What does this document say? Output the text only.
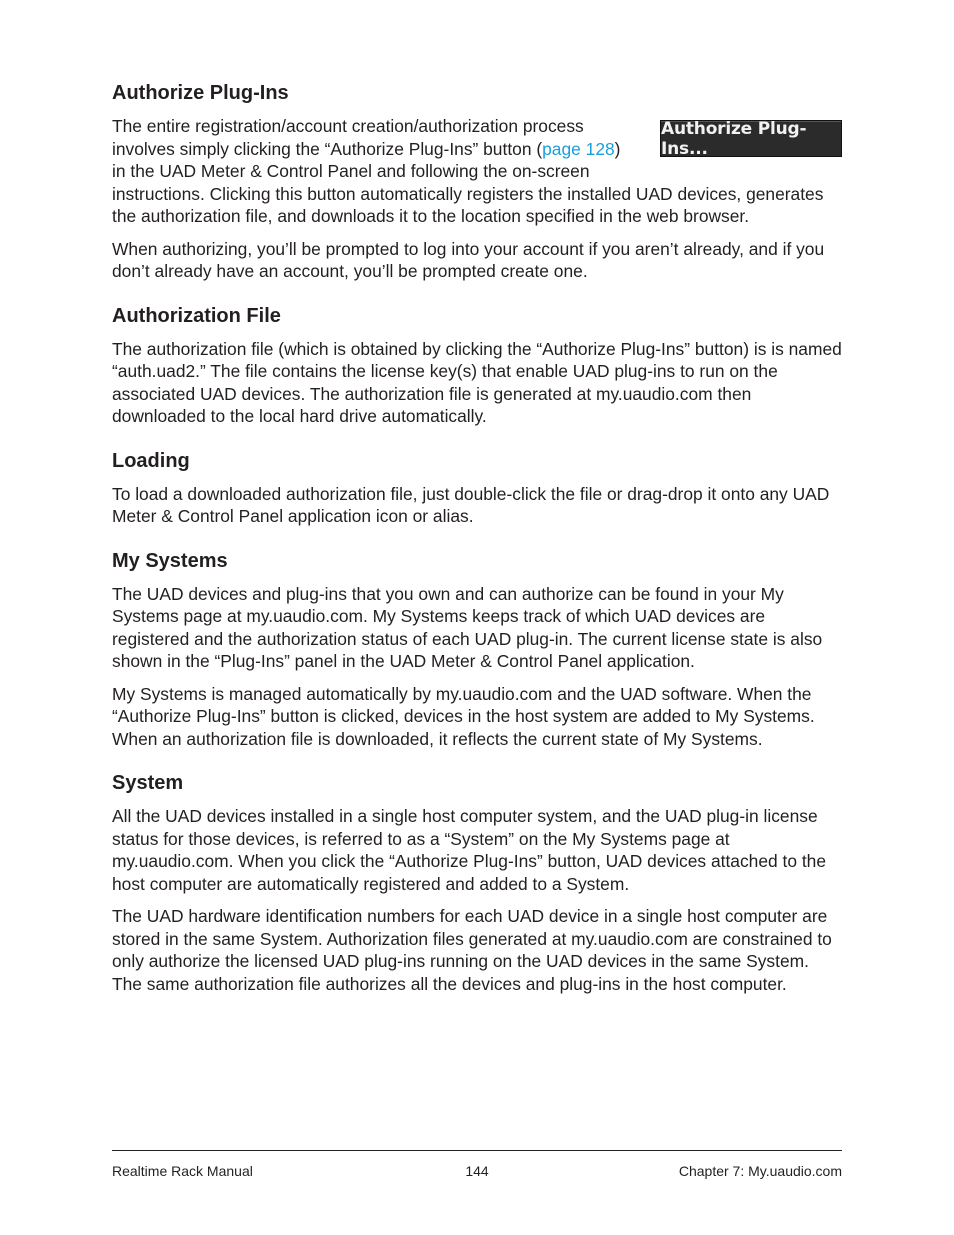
Authorize Plug-Ins
Authorize Plug-Ins...

The entire registration/account creation/authorization process involves simply clicking the “Authorize Plug-Ins” button (page 128) in the UAD Meter & Control Panel and following the on-screen instructions. Clicking this button automatically registers the installed UAD devices, generates the authorization file, and downloads it to the location specified in the web browser.

When authorizing, you’ll be prompted to log into your account if you aren’t already, and if you don’t already have an account, you’ll be prompted create one.

Authorization File

The authorization file (which is obtained by clicking the “Authorize Plug-Ins” button) is is named “auth.uad2.” The file contains the license key(s) that enable UAD plug-ins to run on the associated UAD devices. The authorization file is generated at my.uaudio.com then downloaded to the local hard drive automatically.

Loading

To load a downloaded authorization file, just double-click the file or drag-drop it onto any UAD Meter & Control Panel application icon or alias.

My Systems

The UAD devices and plug-ins that you own and can authorize can be found in your My Systems page at my.uaudio.com. My Systems keeps track of which UAD devices are registered and the authorization status of each UAD plug-in. The current license state is also shown in the “Plug-Ins” panel in the UAD Meter & Control Panel application.

My Systems is managed automatically by my.uaudio.com and the UAD software. When the “Authorize Plug-Ins” button is clicked, devices in the host system are added to My Systems. When an authorization file is downloaded, it reflects the current state of My Systems.

System

All the UAD devices installed in a single host computer system, and the UAD plug-in license status for those devices, is referred to as a “System” on the My Systems page at my.uaudio.com. When you click the “Authorize Plug-Ins” button, UAD devices attached to the host computer are automatically registered and added to a System.

The UAD hardware identification numbers for each UAD device in a single host computer are stored in the same System. Authorization files generated at my.uaudio.com are constrained to only authorize the licensed UAD plug-ins running on the UAD devices in the same System. The same authorization file authorizes all the devices and plug-ins in the host computer.

Realtime Rack Manual	Chapter 7: My.uaudio.com
144
